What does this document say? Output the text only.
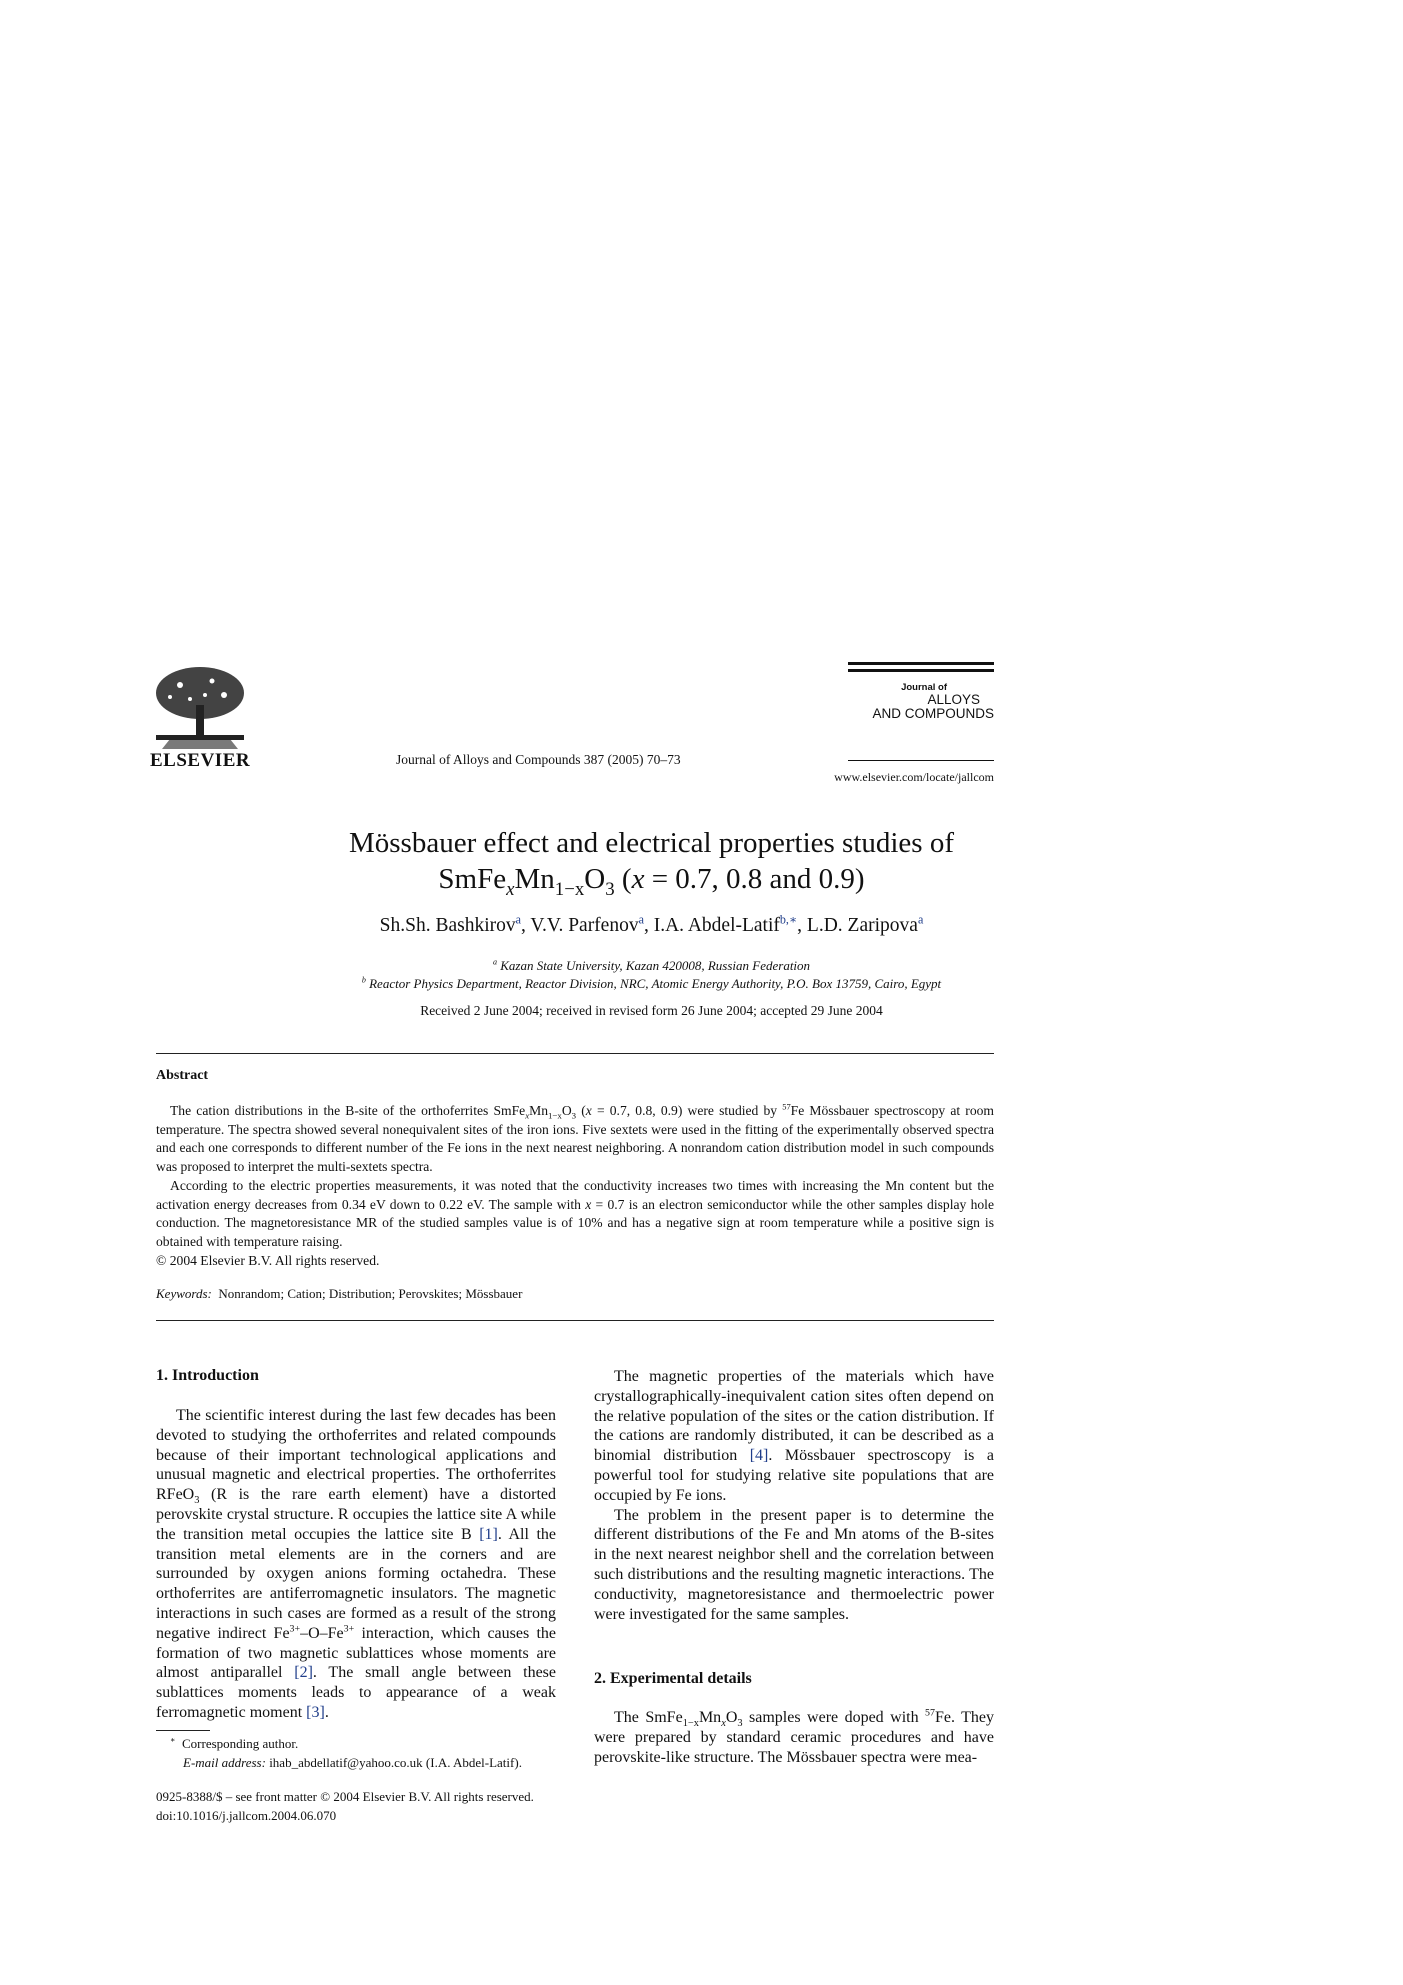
ELSEVIER	Journal of Alloys and Compounds 387 (2005) 70–73
Journal of
ALLOYS
AND COMPOUNDS
www.elsevier.com/locate/jallcom
Mössbauer effect and electrical properties studies of
$SmFe_xMn_{1-x}O_3$ (x = 0.7, 0.8 and 0.9)
Sh.Sh. Bashkirov$^a$, V.V. Parfenov$^a$, I.A. Abdel-Latif$^{b,∗}$, L.D. Zaripova$^a$
$^a$ Kazan State University, Kazan 420008, Russian Federation
$^b$ Reactor Physics Department, Reactor Division, NRC, Atomic Energy Authority, P.O. Box 13759, Cairo, Egypt
Received 2 June 2004; received in revised form 26 June 2004; accepted 29 June 2004
Abstract

The cation distributions in the B-site of the orthoferrites $SmFe_xMn_{1-x}O_3$ (x = 0.7, 0.8, 0.9) were studied by $^{57}$Fe Mössbauer spectroscopy at room temperature. The spectra showed several nonequivalent sites of the iron ions. Five sextets were used in the fitting of the experimentally observed spectra and each one corresponds to different number of the Fe ions in the next nearest neighboring. A nonrandom cation distribution model in such compounds was proposed to interpret the multi-sextets spectra.

According to the electric properties measurements, it was noted that the conductivity increases two times with increasing the Mn content but the activation energy decreases from 0.34 eV down to 0.22 eV. The sample with x = 0.7 is an electron semiconductor while the other samples display hole conduction. The magnetoresistance MR of the studied samples value is of 10% and has a negative sign at room temperature while a positive sign is obtained with temperature raising.

© 2004 Elsevier B.V. All rights reserved.

Keywords: Nonrandom; Cation; Distribution; Perovskites; Mössbauer
1. Introduction

The scientific interest during the last few decades has been devoted to studying the orthoferrites and related compounds because of their important technological applications and unusual magnetic and electrical properties. The orthoferrites RFeO$_3$ (R is the rare earth element) have a distorted perovskite crystal structure. R occupies the lattice site A while the transition metal occupies the lattice site B [1]. All the transition metal elements are in the corners and are surrounded by oxygen anions forming octahedra. These orthoferrites are antiferromagnetic insulators. The magnetic interactions in such cases are formed as a result of the strong negative indirect $Fe^{3+}-O-Fe^{3+}$ interaction, which causes the formation of two magnetic sublattices whose moments are almost antiparallel [2]. The small angle between these sublattices moments leads to appearance of a weak ferromagnetic moment [3].

∗ Corresponding author.
E-mail address: ihab_abdellatif@yahoo.co.uk (I.A. Abdel-Latif).
0925-8388/$ – see front matter © 2004 Elsevier B.V. All rights reserved.
doi:10.1016/j.jallcom.2004.06.070

The magnetic properties of the materials which have crystallographically-inequivalent cation sites often depend on the relative population of the sites or the cation distribution. If the cations are randomly distributed, it can be described as a binomial distribution [4]. Mössbauer spectroscopy is a powerful tool for studying relative site populations that are occupied by Fe ions.

The problem in the present paper is to determine the different distributions of the Fe and Mn atoms of the B-sites in the next nearest neighbor shell and the correlation between such distributions and the resulting magnetic interactions. The conductivity, magnetoresistance and thermoelectric power were investigated for the same samples.

2. Experimental details

The $SmFe_{1-x}Mn_xO_3$ samples were doped with $^{57}$Fe. They were prepared by standard ceramic procedures and have perovskite-like structure. The Mössbauer spectra were mea-
